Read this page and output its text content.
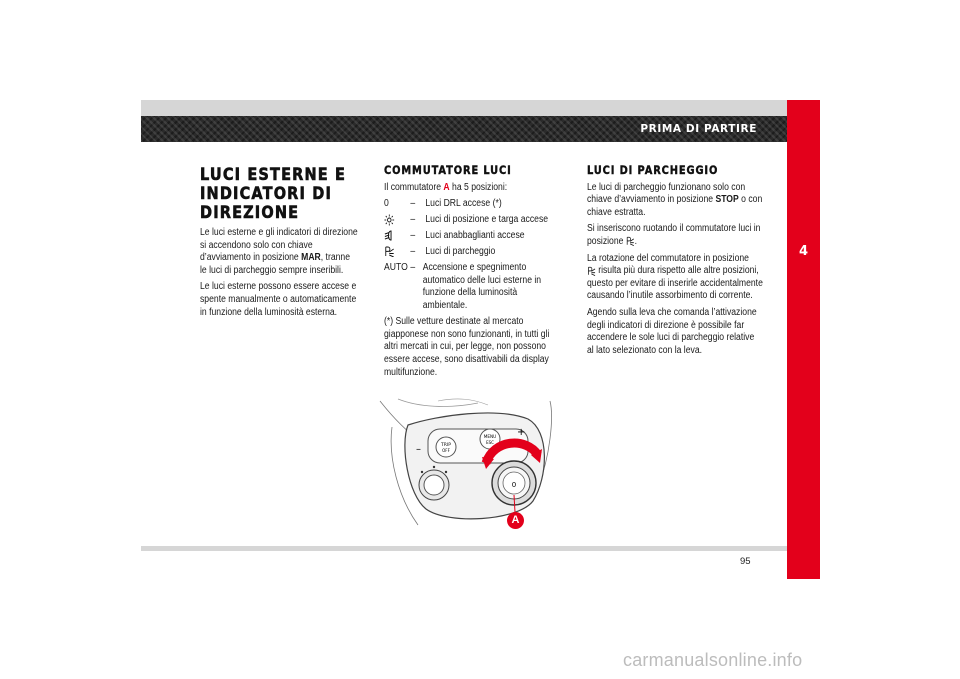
PRIMA DI PARTIRE
4
LUCI ESTERNE E INDICATORI DI DIREZIONE

Le luci esterne e gli indicatori di direzione si accendono solo con chiave d’avviamento in posizione MAR, tranne le luci di parcheggio sempre inseribili.

Le luci esterne possono essere accese e spente manualmente o automaticamente in funzione della luminosità esterna.

COMMUTATORE LUCI

Il commutatore A ha 5 posizioni:

0	– Luci DRL accese (*)
– Luci di posizione e targa accese
– Luci anabbaglianti accese
– Luci di parcheggio
AUTO – Accensione e spegnimento automatico delle luci esterne in funzione della luminosità ambientale.

(*) Sulle vetture destinate al mercato giapponese non sono funzionanti, in tutti gli altri mercati in cui, per legge, non possono essere accese, sono disattivabili da display multifunzione.

TRIP
OFF
MENU
ESC
–
+
0
A
LUCI DI PARCHEGGIO

Le luci di parcheggio funzionano solo con chiave d’avviamento in posizione STOP o con chiave estratta.

Si inseriscono ruotando il commutatore luci in posizione .

La rotazione del commutatore in posizione
risulta più dura rispetto alle altre posizioni, questo per evitare di inserirle accidentalmente causando l’inutile assorbimento di corrente.

Agendo sulla leva che comanda l’attivazione degli indicatori di direzione è possibile far accendere le sole luci di parcheggio relative al lato selezionato con la leva.

95
carmanualsonline.info
